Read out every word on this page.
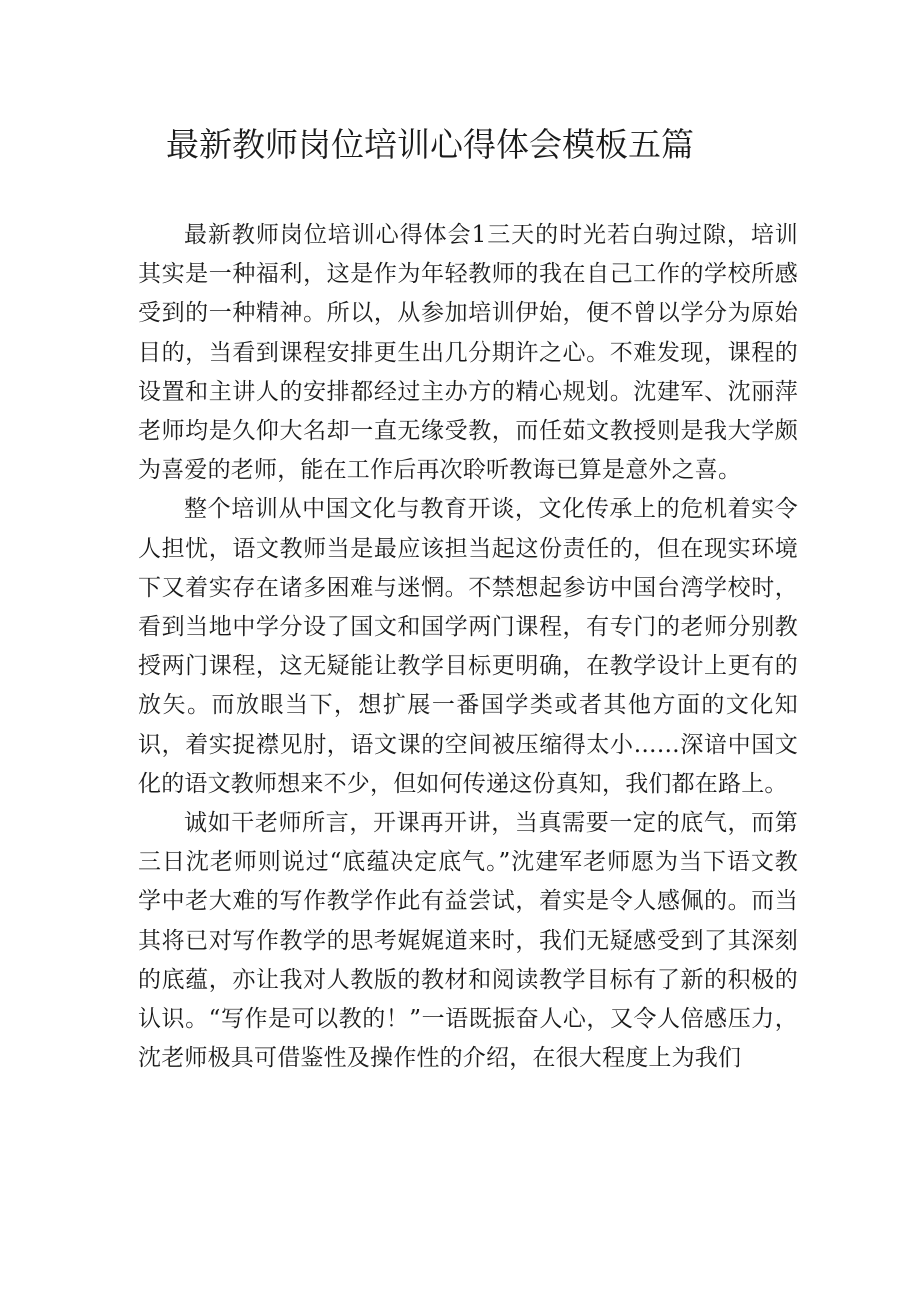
最新教师岗位培训心得体会模板五篇

最新教师岗位培训心得体会1三天的时光若白驹过隙，培训其实是一种福利，这是作为年轻教师的我在自己工作的学校所感受到的一种精神。所以，从参加培训伊始，便不曾以学分为原始目的，当看到课程安排更生出几分期许之心。不难发现，课程的设置和主讲人的安排都经过主办方的精心规划。沈建军、沈丽萍老师均是久仰大名却一直无缘受教，而任茹文教授则是我大学颇为喜爱的老师，能在工作后再次聆听教诲已算是意外之喜。

整个培训从中国文化与教育开谈，文化传承上的危机着实令人担忧，语文教师当是最应该担当起这份责任的，但在现实环境下又着实存在诸多困难与迷惘。不禁想起参访中国台湾学校时，看到当地中学分设了国文和国学两门课程，有专门的老师分别教授两门课程，这无疑能让教学目标更明确，在教学设计上更有的放矢。而放眼当下，想扩展一番国学类或者其他方面的文化知识，着实捉襟见肘，语文课的空间被压缩得太小……深谙中国文化的语文教师想来不少，但如何传递这份真知，我们都在路上。

诚如干老师所言，开课再开讲，当真需要一定的底气，而第三日沈老师则说过“底蕴决定底气。”沈建军老师愿为当下语文教学中老大难的写作教学作此有益尝试，着实是令人感佩的。而当其将已对写作教学的思考娓娓道来时，我们无疑感受到了其深刻的底蕴，亦让我对人教版的教材和阅读教学目标有了新的积极的认识。“写作是可以教的！”一语既振奋人心，又令人倍感压力，沈老师极具可借鉴性及操作性的介绍，在很大程度上为我们
